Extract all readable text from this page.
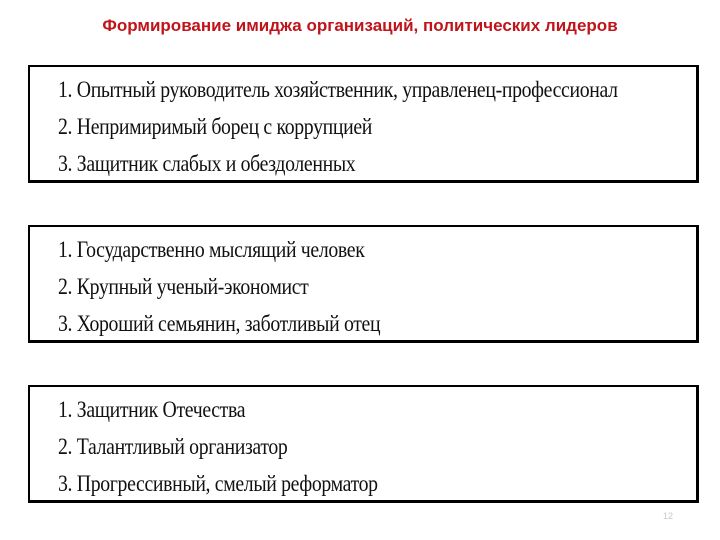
Формирование имиджа организаций, политических лидеров
1. Опытный руководитель хозяйственник, управленец-профессионал
2. Непримиримый борец с коррупцией
3. Защитник слабых и обездоленных
1. Государственно мыслящий человек
2. Крупный ученый-экономист
3. Хороший семьянин, заботливый отец
1. Защитник Отечества
2. Талантливый организатор
3. Прогрессивный, смелый реформатор
12
